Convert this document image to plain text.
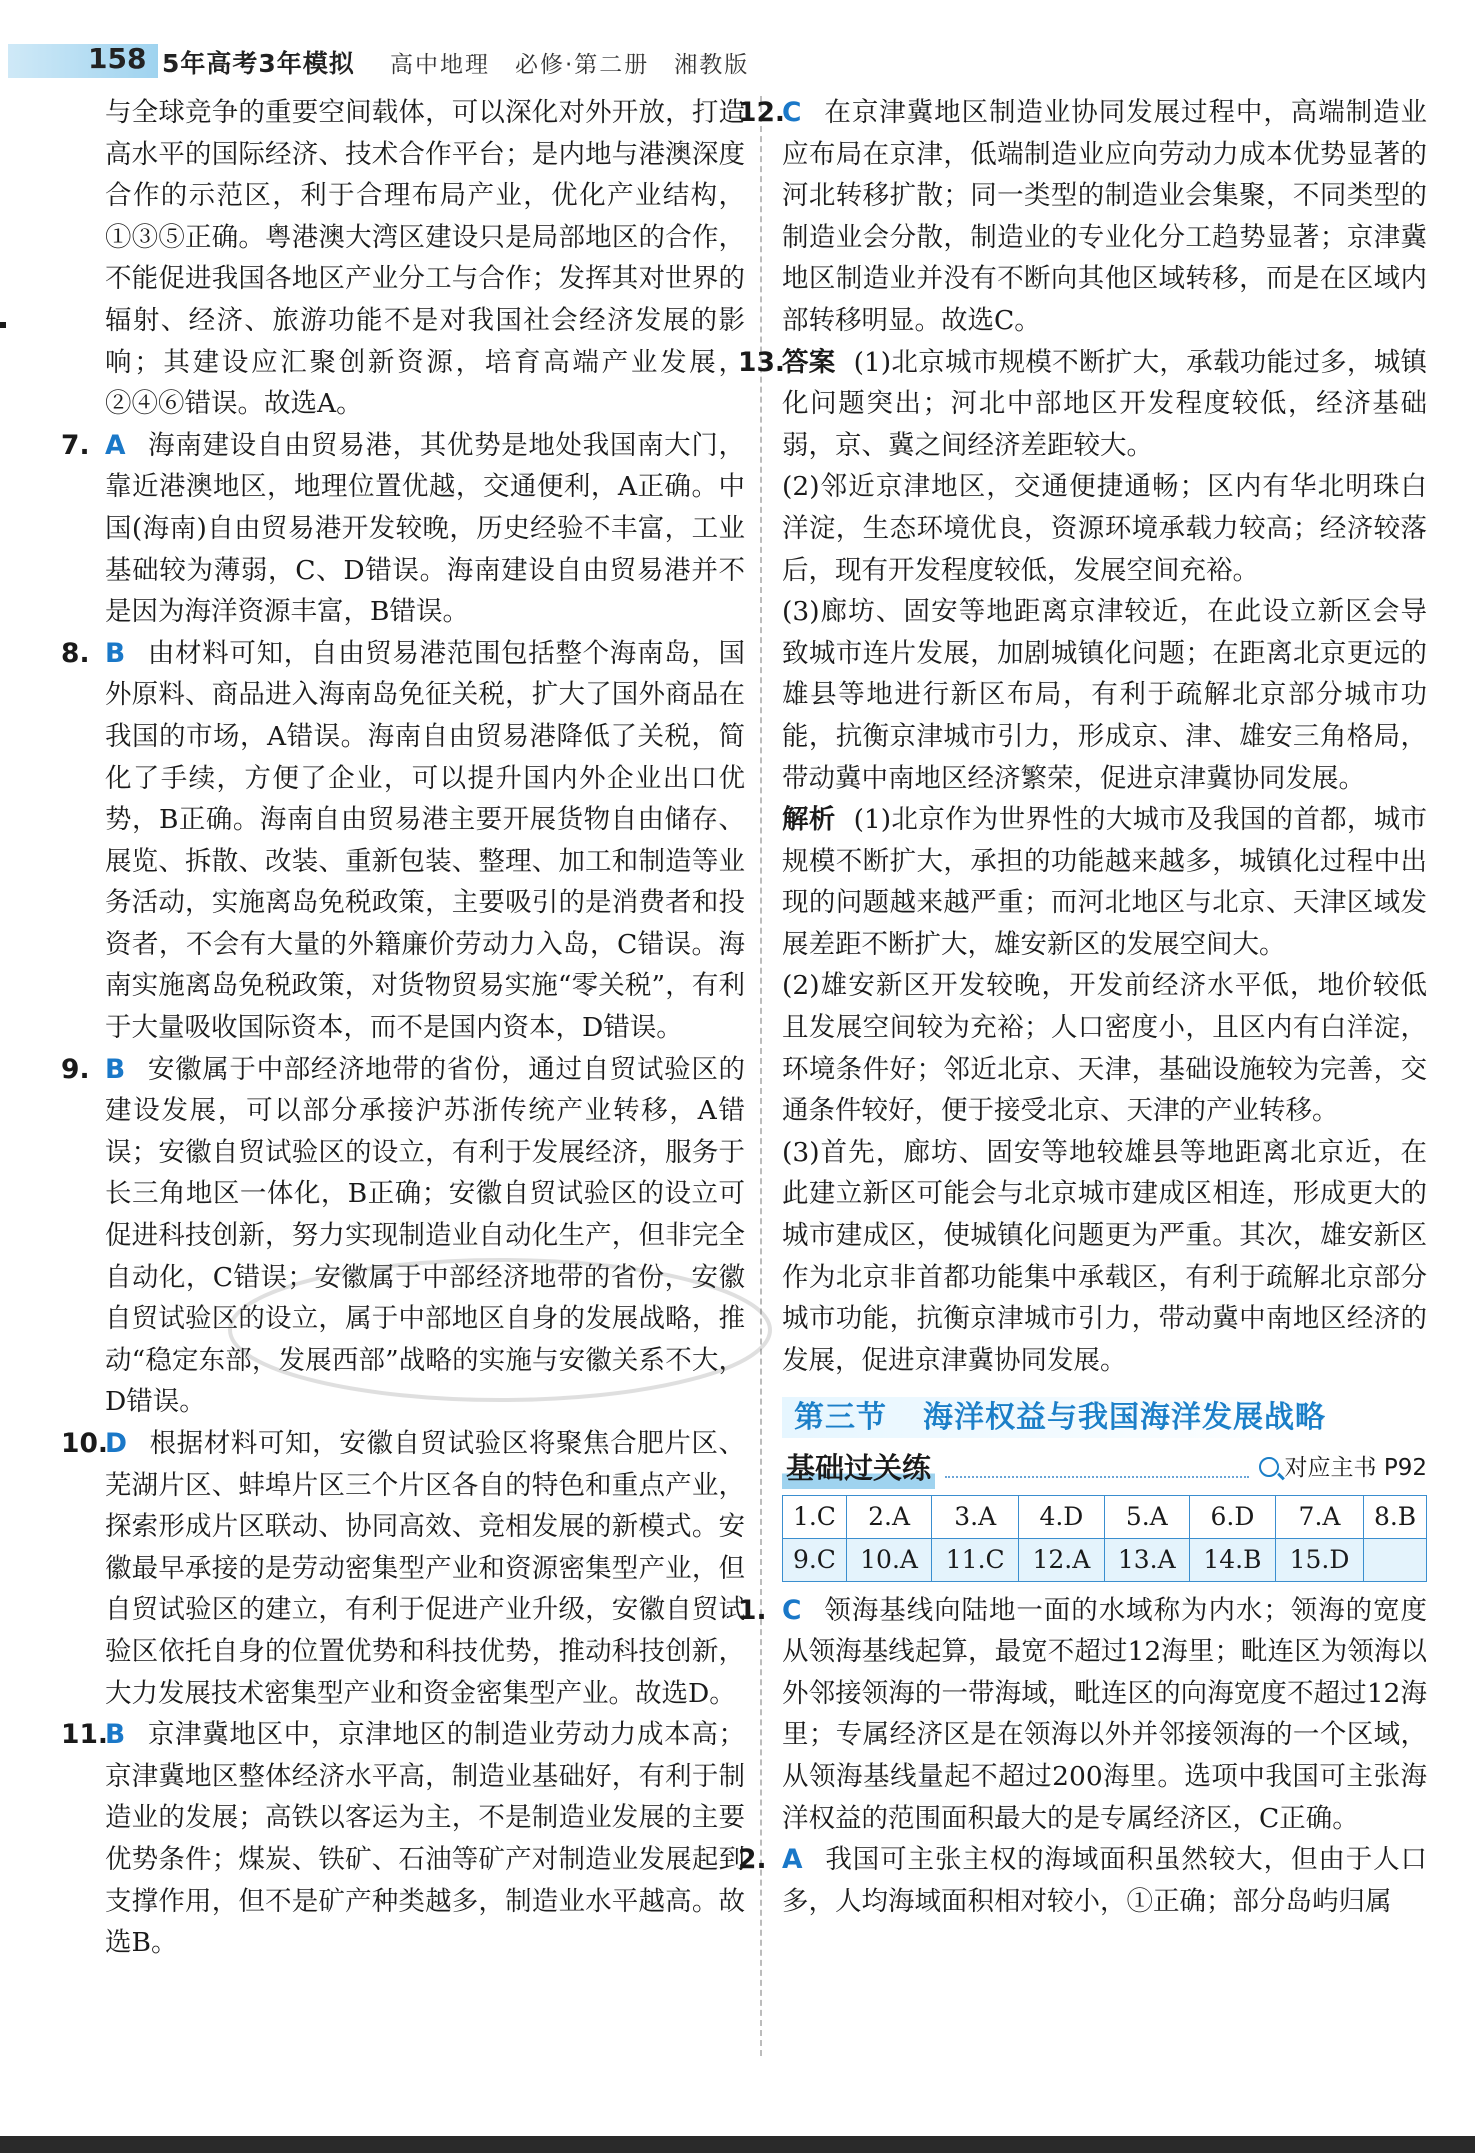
158 5年高考3年模拟 高中地理　必修·第二册　湘教版

与全球竞争的重要空间载体，可以深化对外开放，打造高水平的国际经济、技术合作平台；是内地与港澳深度合作的示范区，利于合理布局产业，优化产业结构，①③⑤正确。粤港澳大湾区建设只是局部地区的合作，不能促进我国各地区产业分工与合作；发挥其对世界的辐射、经济、旅游功能不是对我国社会经济发展的影响；其建设应汇聚创新资源，培育高端产业发展，②④⑥错误。故选A。

7. A 海南建设自由贸易港，其优势是地处我国南大门，靠近港澳地区，地理位置优越，交通便利，A正确。中国(海南)自由贸易港开发较晚，历史经验不丰富，工业基础较为薄弱，C、D错误。海南建设自由贸易港并不是因为海洋资源丰富，B错误。
8. B 由材料可知，自由贸易港范围包括整个海南岛，国外原料、商品进入海南岛免征关税，扩大了国外商品在我国的市场，A错误。海南自由贸易港降低了关税，简化了手续，方便了企业，可以提升国内外企业出口优势，B正确。海南自由贸易港主要开展货物自由储存、展览、拆散、改装、重新包装、整理、加工和制造等业务活动，实施离岛免税政策，主要吸引的是消费者和投资者，不会有大量的外籍廉价劳动力入岛，C错误。海南实施离岛免税政策，对货物贸易实施“零关税”，有利于大量吸收国际资本，而不是国内资本，D错误。
9. B 安徽属于中部经济地带的省份，通过自贸试验区的建设发展，可以部分承接沪苏浙传统产业转移，A错误；安徽自贸试验区的设立，有利于发展经济，服务于长三角地区一体化，B正确；安徽自贸试验区的设立可促进科技创新，努力实现制造业自动化生产，但非完全自动化，C错误；安徽属于中部经济地带的省份，安徽自贸试验区的设立，属于中部地区自身的发展战略，推动“稳定东部，发展西部”战略的实施与安徽关系不大，D错误。
10.
D 根据材料可知，安徽自贸试验区将聚焦合肥片区、芜湖片区、蚌埠片区三个片区各自的特色和重点产业，探索形成片区联动、协同高效、竞相发展的新模式。安徽最早承接的是劳动密集型产业和资源密集型产业，但自贸试验区的建立，有利于促进产业升级，安徽自贸试验区依托自身的位置优势和科技优势，推动科技创新，大力发展技术密集型产业和资金密集型产业。故选D。
11.
B 京津冀地区中，京津地区的制造业劳动力成本高；京津冀地区整体经济水平高，制造业基础好，有利于制造业的发展；高铁以客运为主，不是制造业发展的主要优势条件；煤炭、铁矿、石油等矿产对制造业发展起到支撑作用，但不是矿产种类越多，制造业水平越高。故选B。
12.
C 在京津冀地区制造业协同发展过程中，高端制造业应布局在京津，低端制造业应向劳动力成本优势显著的河北转移扩散；同一类型的制造业会集聚，不同类型的制造业会分散，制造业的专业化分工趋势显著；京津冀地区制造业并没有不断向其他区域转移，而是在区域内部转移明显。故选C。
13.
答案 (1)北京城市规模不断扩大，承载功能过多，城镇化问题突出；河北中部地区开发程度较低，经济基础弱，京、冀之间经济差距较大。

(2)邻近京津地区，交通便捷通畅；区内有华北明珠白洋淀，生态环境优良，资源环境承载力较高；经济较落后，现有开发程度较低，发展空间充裕。

(3)廊坊、固安等地距离京津较近，在此设立新区会导致城市连片发展，加剧城镇化问题；在距离北京更远的雄县等地进行新区布局，有利于疏解北京部分城市功能，抗衡京津城市引力，形成京、津、雄安三角格局，带动冀中南地区经济繁荣，促进京津冀协同发展。

解析 (1)北京作为世界性的大城市及我国的首都，城市规模不断扩大，承担的功能越来越多，城镇化过程中出现的问题越来越严重；而河北地区与北京、天津区域发展差距不断扩大，雄安新区的发展空间大。

(2)雄安新区开发较晚，开发前经济水平低，地价较低且发展空间较为充裕；人口密度小，且区内有白洋淀，环境条件好；邻近北京、天津，基础设施较为完善，交通条件较好，便于接受北京、天津的产业转移。

(3)首先，廊坊、固安等地较雄县等地距离北京近，在此建立新区可能会与北京城市建成区相连，形成更大的城市建成区，使城镇化问题更为严重。其次，雄安新区作为北京非首都功能集中承载区，有利于疏解北京部分城市功能，抗衡京津城市引力，带动冀中南地区经济的发展，促进京津冀协同发展。

第三节 海洋权益与我国海洋发展战略
基础过关练	对应主书 P92
1.C	2.A	3.A	4.D	5.A	6.D	7.A	8.B
9.C	10.A	11.C	12.A	13.A	14.B	15.D	
1. C 领海基线向陆地一面的水域称为内水；领海的宽度从领海基线起算，最宽不超过12海里；毗连区为领海以外邻接领海的一带海域，毗连区的向海宽度不超过12海里；专属经济区是在领海以外并邻接领海的一个区域，从领海基线量起不超过200海里。选项中我国可主张海洋权益的范围面积最大的是专属经济区，C正确。
2. A 我国可主张主权的海域面积虽然较大，但由于人口多，人均海域面积相对较小，①正确；部分岛屿归属
